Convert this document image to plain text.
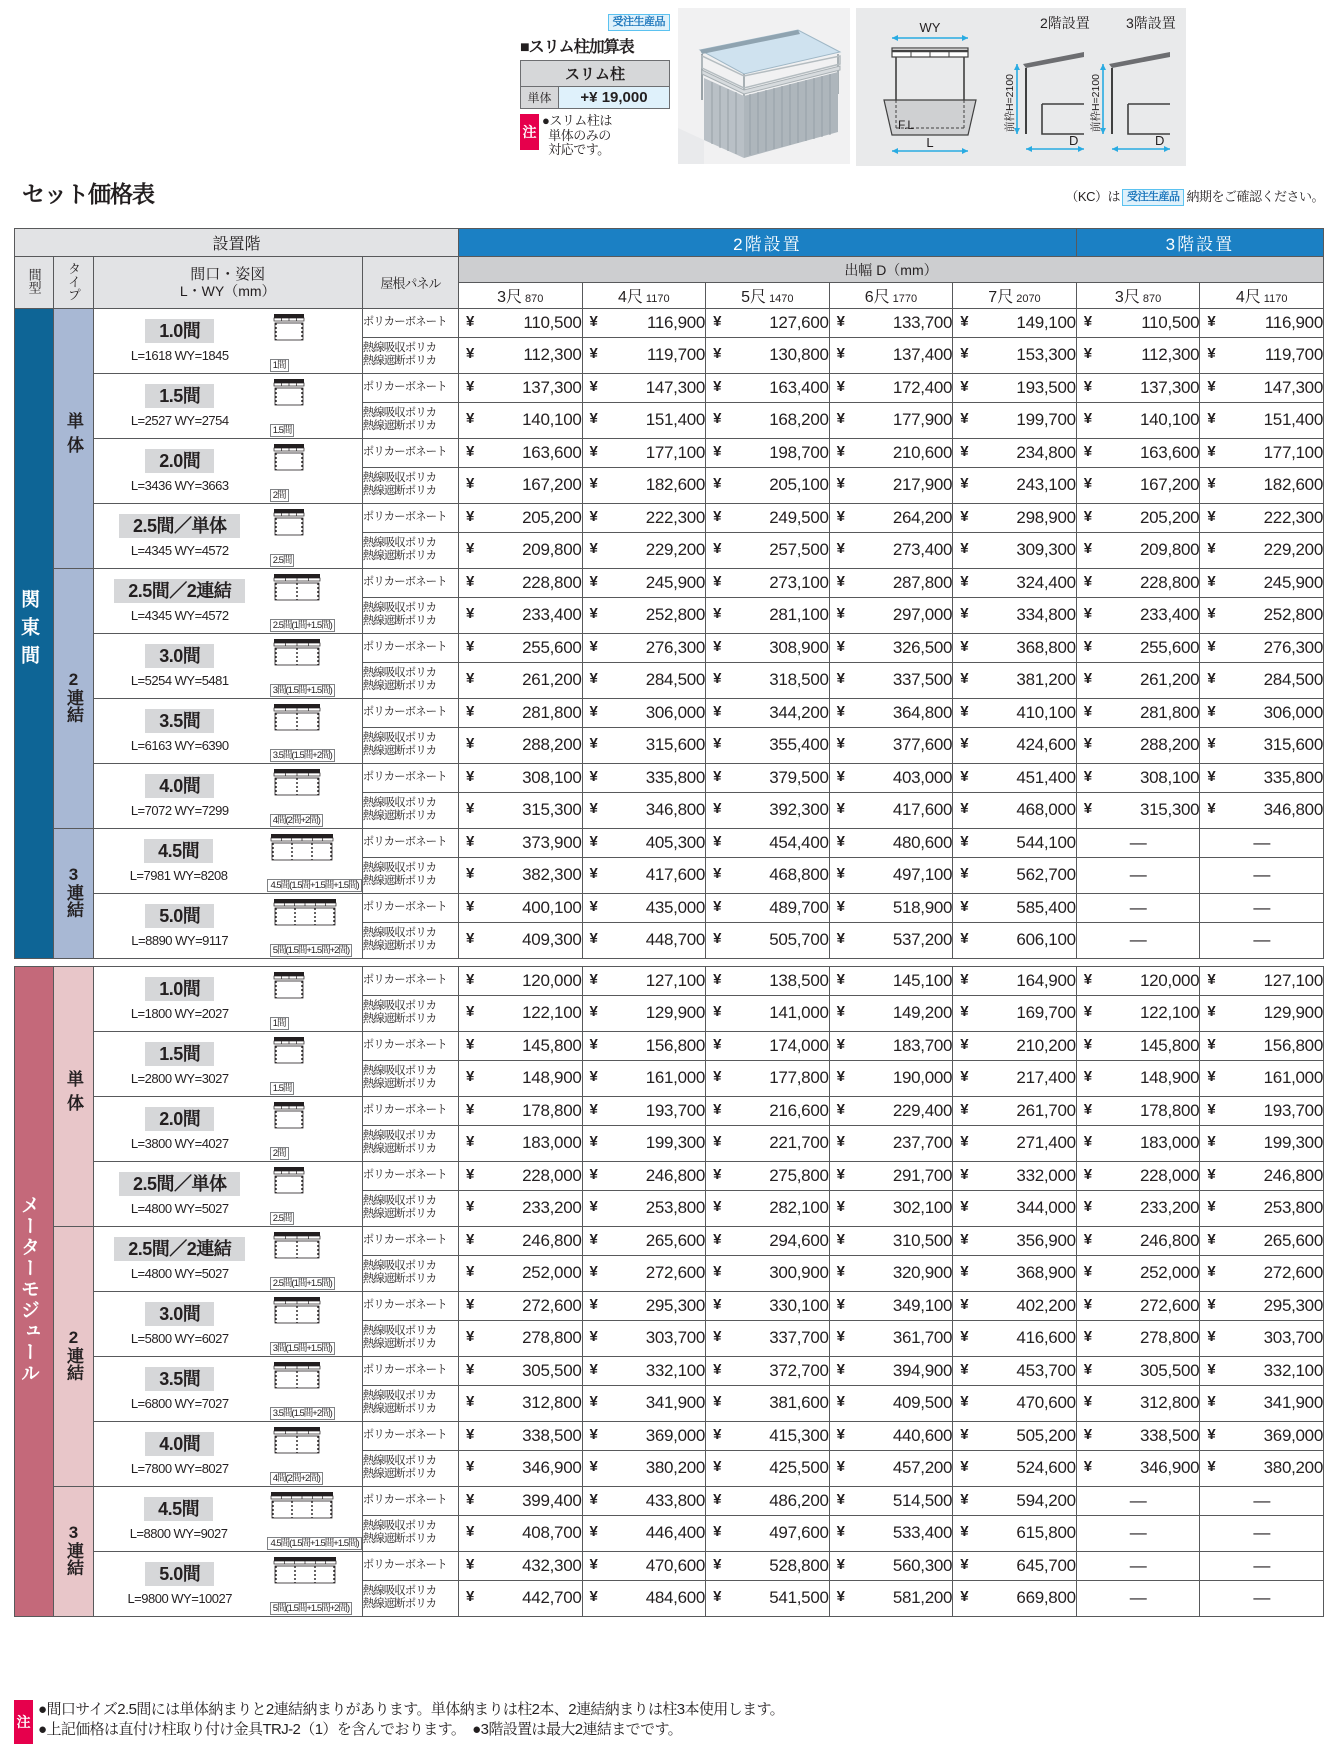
受注生産品
■スリム柱加算表
スリム柱
単体	+¥ 19,000
注
●スリム柱は
単体のみの
対応です。
WY
L
F.L
2階設置
前枠H=2100
D
3階設置
前枠H=2100
D
セット価格表	（KC）は 受注生産品 納期をご確認ください。
設置階				2階設置					3階設置	
間型	タイプ	間口・姿図
L・WY（mm）	屋根パネル	出幅 D（mm）						
				3尺 870	4尺 1170	5尺 1470	6尺 1770	7尺 2070	3尺 870	4尺 1170
関東間	単体	
1.0間
L=1618 WY=1845
1間
	ポリカーボネート	¥	110,500	¥	116,900	¥	127,600	¥	133,700	¥	149,100	¥	110,500	¥	116,900

熱線吸収ポリカ
熱線遮断ポリカ	¥	112,300	¥	119,700	¥	130,800	¥	137,400	¥	153,300	¥	112,300	¥	119,700

1.5間
L=2527 WY=2754
1.5間
	ポリカーボネート	¥	137,300	¥	147,300	¥	163,400	¥	172,400	¥	193,500	¥	137,300	¥	147,300

熱線吸収ポリカ
熱線遮断ポリカ	¥	140,100	¥	151,400	¥	168,200	¥	177,900	¥	199,700	¥	140,100	¥	151,400

2.0間
L=3436 WY=3663
2間
	ポリカーボネート	¥	163,600	¥	177,100	¥	198,700	¥	210,600	¥	234,800	¥	163,600	¥	177,100

熱線吸収ポリカ
熱線遮断ポリカ	¥	167,200	¥	182,600	¥	205,100	¥	217,900	¥	243,100	¥	167,200	¥	182,600

2.5間／単体
L=4345 WY=4572
2.5間
	ポリカーボネート	¥	205,200	¥	222,300	¥	249,500	¥	264,200	¥	298,900	¥	205,200	¥	222,300

熱線吸収ポリカ
熱線遮断ポリカ	¥	209,800	¥	229,200	¥	257,500	¥	273,400	¥	309,300	¥	209,800	¥	229,200
2連結	
2.5間／2連結
L=4345 WY=4572
2.5間(1間+1.5間)
	ポリカーボネート	¥	228,800	¥	245,900	¥	273,100	¥	287,800	¥	324,400	¥	228,800	¥	245,900

熱線吸収ポリカ
熱線遮断ポリカ	¥	233,400	¥	252,800	¥	281,100	¥	297,000	¥	334,800	¥	233,400	¥	252,800

3.0間
L=5254 WY=5481
3間(1.5間+1.5間)
	ポリカーボネート	¥	255,600	¥	276,300	¥	308,900	¥	326,500	¥	368,800	¥	255,600	¥	276,300

熱線吸収ポリカ
熱線遮断ポリカ	¥	261,200	¥	284,500	¥	318,500	¥	337,500	¥	381,200	¥	261,200	¥	284,500

3.5間
L=6163 WY=6390
3.5間(1.5間+2間)
	ポリカーボネート	¥	281,800	¥	306,000	¥	344,200	¥	364,800	¥	410,100	¥	281,800	¥	306,000

熱線吸収ポリカ
熱線遮断ポリカ	¥	288,200	¥	315,600	¥	355,400	¥	377,600	¥	424,600	¥	288,200	¥	315,600

4.0間
L=7072 WY=7299
4間(2間+2間)
	ポリカーボネート	¥	308,100	¥	335,800	¥	379,500	¥	403,000	¥	451,400	¥	308,100	¥	335,800

熱線吸収ポリカ
熱線遮断ポリカ	¥	315,300	¥	346,800	¥	392,300	¥	417,600	¥	468,000	¥	315,300	¥	346,800
3連結	
4.5間
L=7981 WY=8208
4.5間(1.5間+1.5間+1.5間)
	ポリカーボネート	¥	373,900	¥	405,300	¥	454,400	¥	480,600	¥	544,100	—	—

熱線吸収ポリカ
熱線遮断ポリカ	¥	382,300	¥	417,600	¥	468,800	¥	497,100	¥	562,700	—	—

5.0間
L=8890 WY=9117
5間(1.5間+1.5間+2間)
	ポリカーボネート	¥	400,100	¥	435,000	¥	489,700	¥	518,900	¥	585,400	—	—

熱線吸収ポリカ
熱線遮断ポリカ	¥	409,300	¥	448,700	¥	505,700	¥	537,200	¥	606,100	—	—

メーターモジュール	単体	
1.0間
L=1800 WY=2027
1間
	ポリカーボネート	¥	120,000	¥	127,100	¥	138,500	¥	145,100	¥	164,900	¥	120,000	¥	127,100

熱線吸収ポリカ
熱線遮断ポリカ	¥	122,100	¥	129,900	¥	141,000	¥	149,200	¥	169,700	¥	122,100	¥	129,900

1.5間
L=2800 WY=3027
1.5間
	ポリカーボネート	¥	145,800	¥	156,800	¥	174,000	¥	183,700	¥	210,200	¥	145,800	¥	156,800

熱線吸収ポリカ
熱線遮断ポリカ	¥	148,900	¥	161,000	¥	177,800	¥	190,000	¥	217,400	¥	148,900	¥	161,000

2.0間
L=3800 WY=4027
2間
	ポリカーボネート	¥	178,800	¥	193,700	¥	216,600	¥	229,400	¥	261,700	¥	178,800	¥	193,700

熱線吸収ポリカ
熱線遮断ポリカ	¥	183,000	¥	199,300	¥	221,700	¥	237,700	¥	271,400	¥	183,000	¥	199,300

2.5間／単体
L=4800 WY=5027
2.5間
	ポリカーボネート	¥	228,000	¥	246,800	¥	275,800	¥	291,700	¥	332,000	¥	228,000	¥	246,800

熱線吸収ポリカ
熱線遮断ポリカ	¥	233,200	¥	253,800	¥	282,100	¥	302,100	¥	344,000	¥	233,200	¥	253,800
2連結	
2.5間／2連結
L=4800 WY=5027
2.5間(1間+1.5間)
	ポリカーボネート	¥	246,800	¥	265,600	¥	294,600	¥	310,500	¥	356,900	¥	246,800	¥	265,600

熱線吸収ポリカ
熱線遮断ポリカ	¥	252,000	¥	272,600	¥	300,900	¥	320,900	¥	368,900	¥	252,000	¥	272,600

3.0間
L=5800 WY=6027
3間(1.5間+1.5間)
	ポリカーボネート	¥	272,600	¥	295,300	¥	330,100	¥	349,100	¥	402,200	¥	272,600	¥	295,300

熱線吸収ポリカ
熱線遮断ポリカ	¥	278,800	¥	303,700	¥	337,700	¥	361,700	¥	416,600	¥	278,800	¥	303,700

3.5間
L=6800 WY=7027
3.5間(1.5間+2間)
	ポリカーボネート	¥	305,500	¥	332,100	¥	372,700	¥	394,900	¥	453,700	¥	305,500	¥	332,100

熱線吸収ポリカ
熱線遮断ポリカ	¥	312,800	¥	341,900	¥	381,600	¥	409,500	¥	470,600	¥	312,800	¥	341,900

4.0間
L=7800 WY=8027
4間(2間+2間)
	ポリカーボネート	¥	338,500	¥	369,000	¥	415,300	¥	440,600	¥	505,200	¥	338,500	¥	369,000

熱線吸収ポリカ
熱線遮断ポリカ	¥	346,900	¥	380,200	¥	425,500	¥	457,200	¥	524,600	¥	346,900	¥	380,200
3連結	
4.5間
L=8800 WY=9027
4.5間(1.5間+1.5間+1.5間)
	ポリカーボネート	¥	399,400	¥	433,800	¥	486,200	¥	514,500	¥	594,200	—	—

熱線吸収ポリカ
熱線遮断ポリカ	¥	408,700	¥	446,400	¥	497,600	¥	533,400	¥	615,800	—	—

5.0間
L=9800 WY=10027
5間(1.5間+1.5間+2間)
	ポリカーボネート	¥	432,300	¥	470,600	¥	528,800	¥	560,300	¥	645,700	—	—

熱線吸収ポリカ
熱線遮断ポリカ	¥	442,700	¥	484,600	¥	541,500	¥	581,200	¥	669,800	—	—
注
●間口サイズ2.5間には単体納まりと2連結納まりがあります。単体納まりは柱2本、2連結納まりは柱3本使用します。
●上記価格は直付け柱取り付け金具TRJ-2（1）を含んでおります。　●3階設置は最大2連結までです。
